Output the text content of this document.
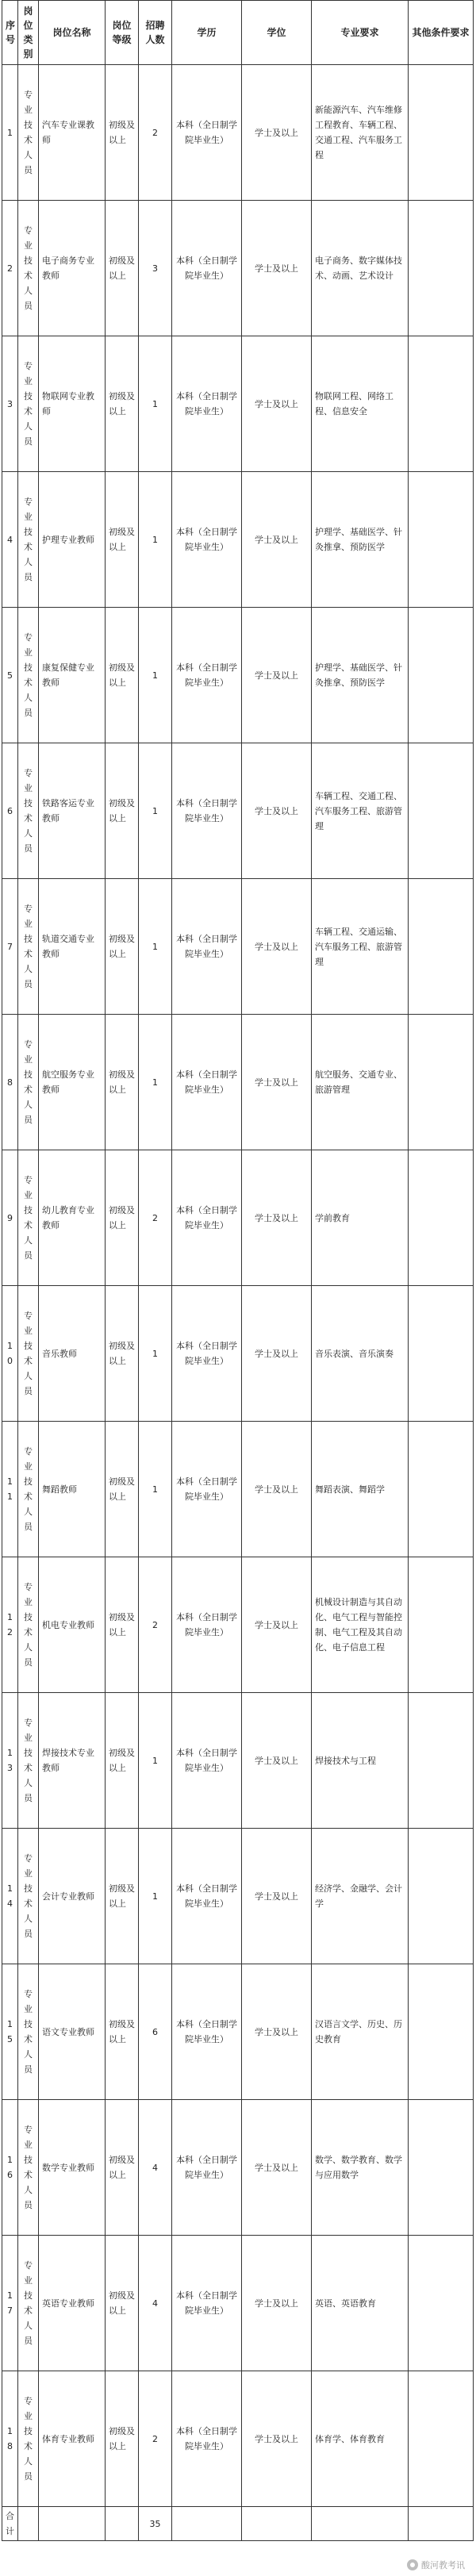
序号	岗位类别	岗位名称	岗位等级	招聘人数	学历	学位	专业要求	其他条件要求
1	专业技术人员	汽车专业课教师	初级及以上	2	本科（全日制学院毕业生）	学士及以上	新能源汽车、汽车维修工程教育、车辆工程、交通工程、汽车服务工程	
2	专业技术人员	电子商务专业教师	初级及以上	3	本科（全日制学院毕业生）	学士及以上	电子商务、数字媒体技术、动画、艺术设计	
3	专业技术人员	物联网专业教师	初级及以上	1	本科（全日制学院毕业生）	学士及以上	物联网工程、网络工程、信息安全	
4	专业技术人员	护理专业教师	初级及以上	1	本科（全日制学院毕业生）	学士及以上	护理学、基础医学、针灸推拿、预防医学	
5	专业技术人员	康复保健专业教师	初级及以上	1	本科（全日制学院毕业生）	学士及以上	护理学、基础医学、针灸推拿、预防医学	
6	专业技术人员	铁路客运专业教师	初级及以上	1	本科（全日制学院毕业生）	学士及以上	车辆工程、交通工程、汽车服务工程、旅游管理	
7	专业技术人员	轨道交通专业教师	初级及以上	1	本科（全日制学院毕业生）	学士及以上	车辆工程、交通运输、汽车服务工程、旅游管理	
8	专业技术人员	航空服务专业教师	初级及以上	1	本科（全日制学院毕业生）	学士及以上	航空服务、交通专业、旅游管理	
9	专业技术人员	幼儿教育专业教师	初级及以上	2	本科（全日制学院毕业生）	学士及以上	学前教育	
10	专业技术人员	音乐教师	初级及以上	1	本科（全日制学院毕业生）	学士及以上	音乐表演、音乐演奏	
11	专业技术人员	舞蹈教师	初级及以上	1	本科（全日制学院毕业生）	学士及以上	舞蹈表演、舞蹈学	
12	专业技术人员	机电专业教师	初级及以上	2	本科（全日制学院毕业生）	学士及以上	机械设计制造与其自动化、电气工程与智能控制、电气工程及其自动化、电子信息工程	
13	专业技术人员	焊接技术专业教师	初级及以上	1	本科（全日制学院毕业生）	学士及以上	焊接技术与工程	
14	专业技术人员	会计专业教师	初级及以上	1	本科（全日制学院毕业生）	学士及以上	经济学、金融学、会计学	
15	专业技术人员	语文专业教师	初级及以上	6	本科（全日制学院毕业生）	学士及以上	汉语言文学、历史、历史教育	
16	专业技术人员	数学专业教师	初级及以上	4	本科（全日制学院毕业生）	学士及以上	数学、数学教育、数学与应用数学	
17	专业技术人员	英语专业教师	初级及以上	4	本科（全日制学院毕业生）	学士及以上	英语、英语教育	
18	专业技术人员	体育专业教师	初级及以上	2	本科（全日制学院毕业生）	学士及以上	体育学、体育教育	
合计				35				
酸河教考讯
